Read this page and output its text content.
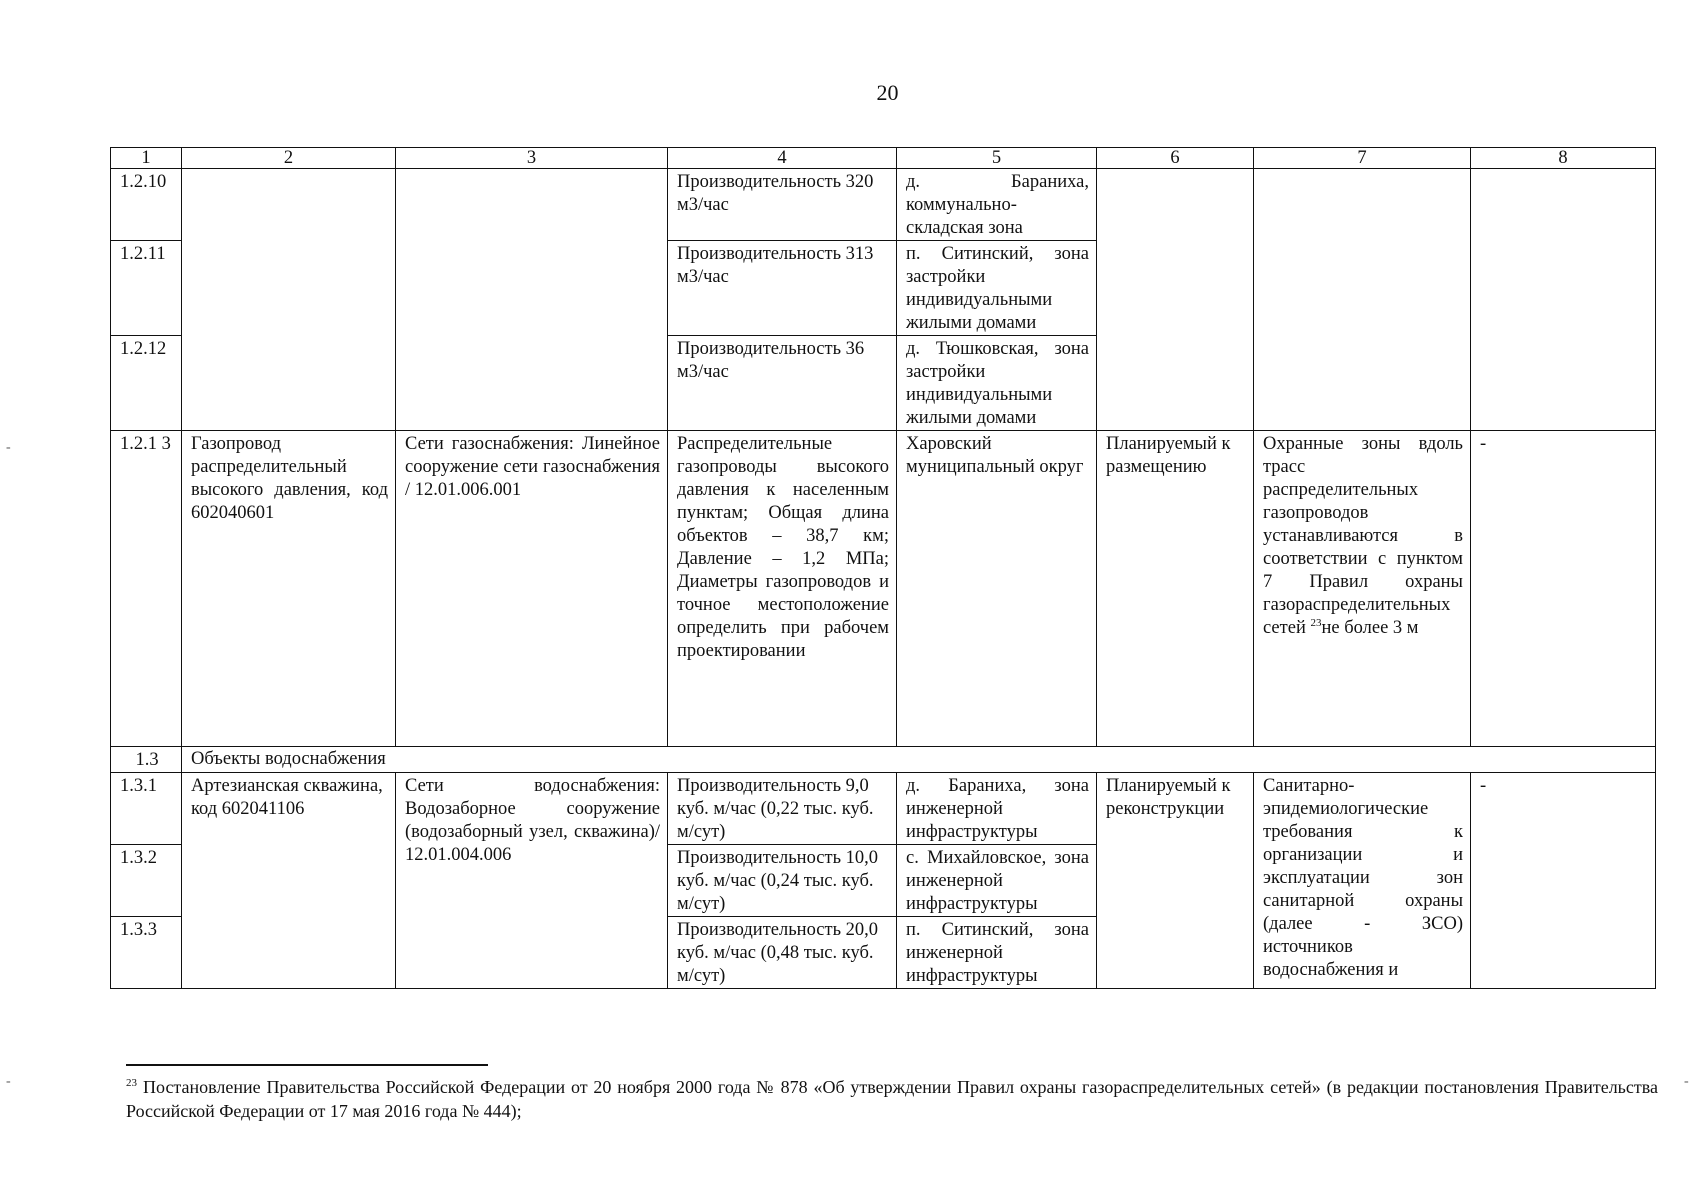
20
1	2	3	4	5	6	7	8
1.2.10			Производительность 320 м3/час	д. Бараниха, коммунально-складская зона			
1.2.11			Производительность 313 м3/час	п. Ситинский, зона застройки индивидуальными жилыми домами			
1.2.12			Производительность 36 м3/час	д. Тюшковская, зона застройки индивидуальными жилыми домами			
1.2.1 3	Газопровод распределительный высокого давления, код 602040601	Сети газоснабжения: Линейное сооружение сети газоснабжения / 12.01.006.001	Распределительные газопроводы высокого давления к населенным пунктам; Общая длина объектов – 38,7 км; Давление – 1,2 МПа; Диаметры газопроводов и точное местоположение определить при рабочем проектировании	Харовский муниципальный округ	Планируемый к размещению	Охранные зоны вдоль трасс распределительных газопроводов устанавливаются в соответствии с пунктом 7 Правил охраны газораспределительных сетей $^{23}$не более 3 м	-
1.3	Объекты водоснабжения						
1.3.1	Артезианская скважина, код 602041106	Сети водоснабжения: Водозаборное сооружение (водозаборный узел, скважина)/ 12.01.004.006	Производительность 9,0 куб. м/час (0,22 тыс. куб. м/сут)	д. Бараниха, зона инженерной инфраструктуры	Планируемый к реконструкции	Санитарно-эпидемиологические требования к организации и эксплуатации зон санитарной охраны (далее - ЗСО) источников водоснабжения и	-
1.3.2			Производительность 10,0 куб. м/час (0,24 тыс. куб. м/сут)	с. Михайловское, зона инженерной инфраструктуры			
1.3.3			Производительность 20,0 куб. м/час (0,48 тыс. куб. м/сут)	п. Ситинский, зона инженерной инфраструктуры			
$^{23}$ Постановление Правительства Российской Федерации от 20 ноября 2000 года № 878 «Об утверждении Правил охраны газораспределительных сетей» (в редакции постановления Правительства Российской Федерации от 17 мая 2016 года № 444);
-
-	-
